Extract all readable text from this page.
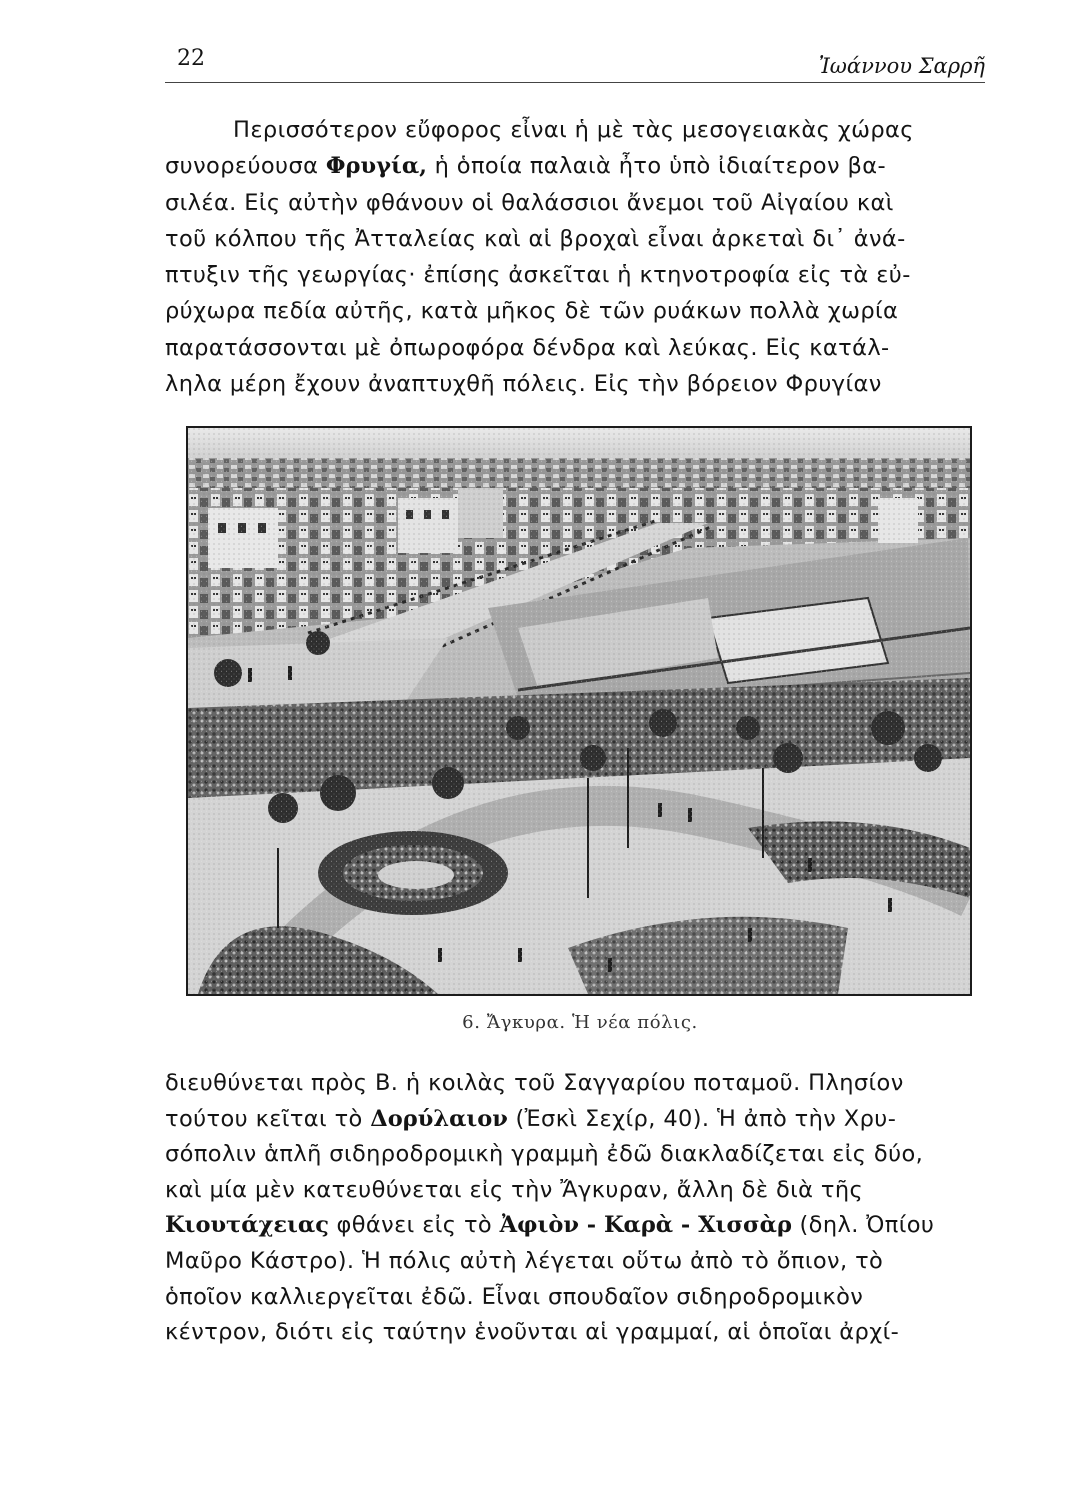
22	Ἰωάννου Σαρρῆ
Περισσότερον εὔφορος εἶναι ἡ μὲ τὰς μεσογειακὰς χώρας
συνορεύουσα Φρυγία, ἡ ὁποία παλαιὰ ἦτο ὑπὸ ἰδιαίτερον βα-
σιλέα. Εἰς αὐτὴν φθάνουν οἱ θαλάσσιοι ἄνεμοι τοῦ Αἰγαίου καὶ
τοῦ κόλπου τῆς Ἀτταλείας καὶ αἱ βροχαὶ εἶναι ἀρκεταὶ δι᾽ ἀνά-
πτυξιν τῆς γεωργίας· ἐπίσης ἀσκεῖται ἡ κτηνοτροφία εἰς τὰ εὐ-
ρύχωρα πεδία αὐτῆς, κατὰ μῆκος δὲ τῶν ρυάκων πολλὰ χωρία
παρατάσσονται μὲ ὀπωροφόρα δένδρα καὶ λεύκας. Εἰς κατάλ-
ληλα μέρη ἔχουν ἀναπτυχθῆ πόλεις. Εἰς τὴν βόρειον Φρυγίαν
6. Ἄγκυρα. Ἡ νέα πόλις.
διευθύνεται πρὸς Β. ἡ κοιλὰς τοῦ Σαγγαρίου ποταμοῦ. Πλησίον
τούτου κεῖται τὸ Δορύλαιον (Ἐσκὶ Σεχίρ, 40). Ἡ ἀπὸ τὴν Χρυ-
σόπολιν ἁπλῆ σιδηροδρομικὴ γραμμὴ ἐδῶ διακλαδίζεται εἰς δύο,
καὶ μία μὲν κατευθύνεται εἰς τὴν Ἄγκυραν, ἄλλη δὲ διὰ τῆς
Κιουτάχειας φθάνει εἰς τὸ Ἀφιὸν - Καρὰ - Χισσὰρ (δηλ. Ὀπίου
Μαῦρο Κάστρο). Ἡ πόλις αὐτὴ λέγεται οὕτω ἀπὸ τὸ ὄπιον, τὸ
ὁποῖον καλλιεργεῖται ἐδῶ. Εἶναι σπουδαῖον σιδηροδρομικὸν
κέντρον, διότι εἰς ταύτην ἑνοῦνται αἱ γραμμαί, αἱ ὁποῖαι ἀρχί-
